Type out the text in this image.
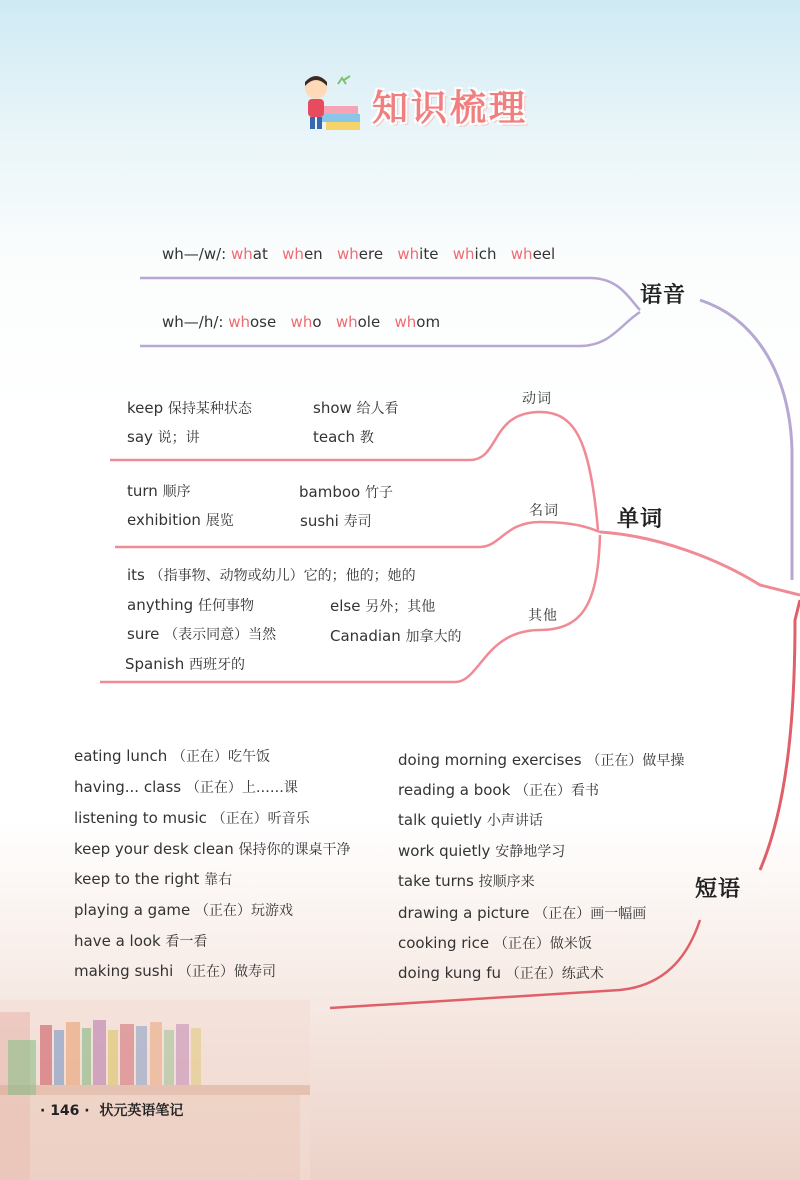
知识梳理
语音
单词
短语
动词
名词
其他
wh—/w/: what when where white which wheel
wh—/h/: whose who whole whom
keep 保持某种状态	show 给人看
say 说；讲	teach 教
turn 顺序	bamboo 竹子
exhibition 展览	sushi 寿司
its （指事物、动物或幼儿）它的；他的；她的
anything 任何事物	else 另外；其他
sure （表示同意）当然	Canadian 加拿大的
Spanish 西班牙的
eating lunch （正在）吃午饭
having... class （正在）上……课
listening to music （正在）听音乐
keep your desk clean 保持你的课桌干净
keep to the right 靠右
playing a game （正在）玩游戏
have a look 看一看
making sushi （正在）做寿司
doing morning exercises （正在）做早操
reading a book （正在）看书
talk quietly 小声讲话
work quietly 安静地学习
take turns 按顺序来
drawing a picture （正在）画一幅画
cooking rice （正在）做米饭
doing kung fu （正在）练武术
· 146 · 状元英语笔记
